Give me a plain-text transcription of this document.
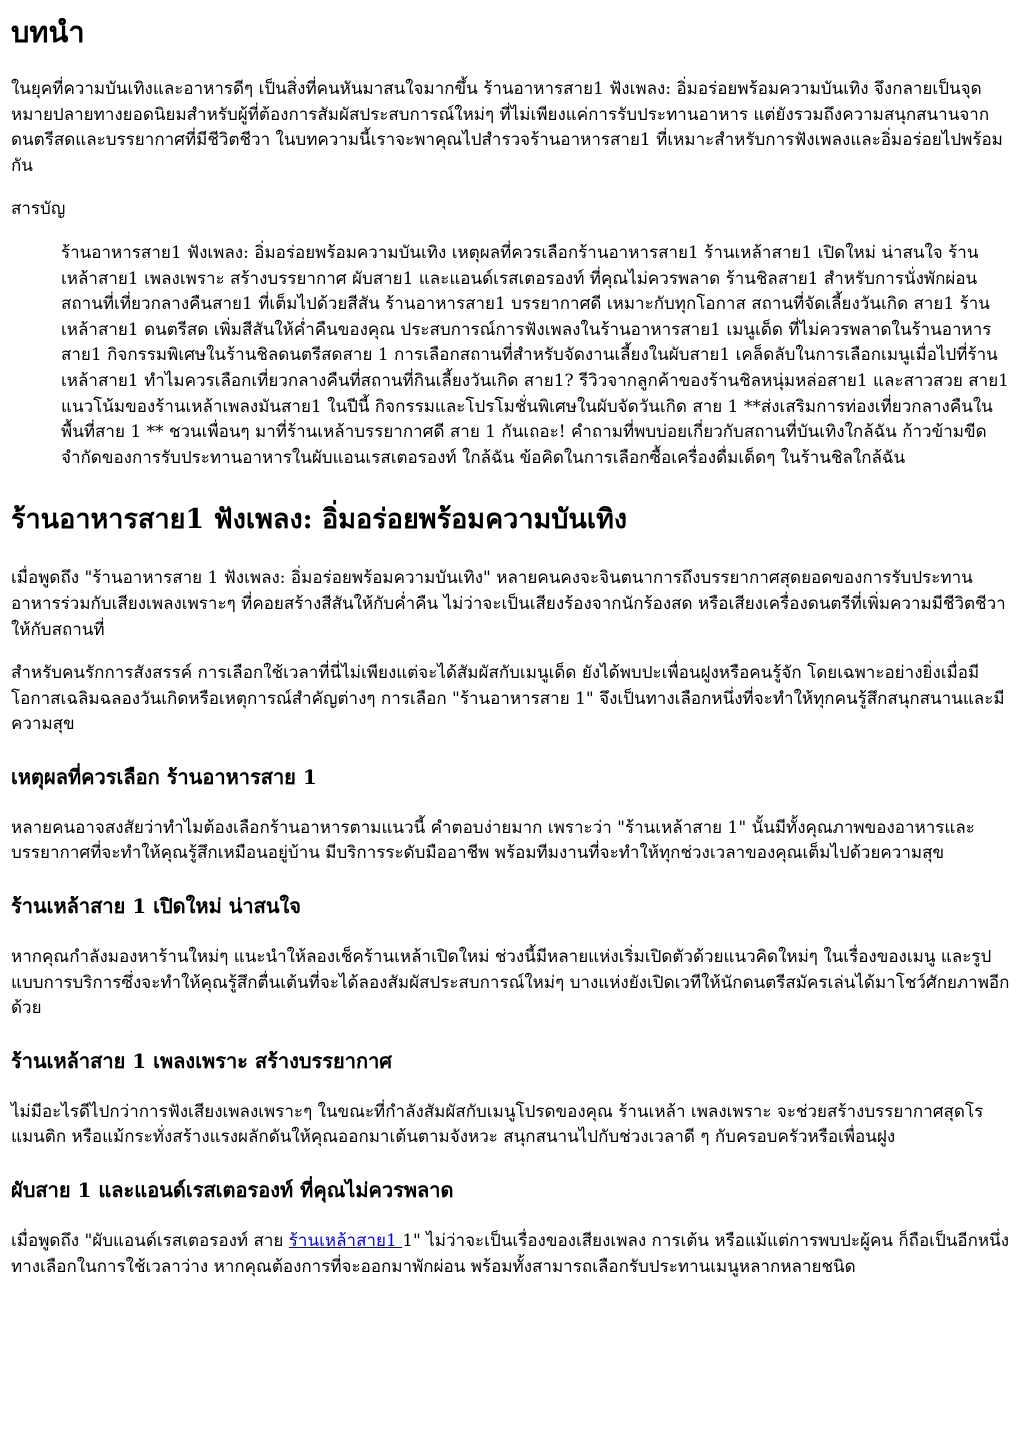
บทนำ

ในยุคที่ความบันเทิงและอาหารดีๆ เป็นสิ่งที่คนหันมาสนใจมากขึ้น ร้านอาหารสาย1 ฟังเพลง: อิ่มอร่อยพร้อมความบันเทิง จึงกลายเป็นจุดหมายปลายทางยอดนิยมสำหรับผู้ที่ต้องการสัมผัสประสบการณ์ใหม่ๆ ที่ไม่เพียงแค่การรับประทานอาหาร แต่ยังรวมถึงความสนุกสนานจากดนตรีสดและบรรยากาศที่มีชีวิตชีวา ในบทความนี้เราจะพาคุณไปสำรวจร้านอาหารสาย1 ที่เหมาะสำหรับการฟังเพลงและอิ่มอร่อยไปพร้อมกัน

สารบัญ

ร้านอาหารสาย1 ฟังเพลง: อิ่มอร่อยพร้อมความบันเทิง เหตุผลที่ควรเลือกร้านอาหารสาย1 ร้านเหล้าสาย1 เปิดใหม่ น่าสนใจ ร้านเหล้าสาย1 เพลงเพราะ สร้างบรรยากาศ ผับสาย1 และแอนด์เรสเตอรองท์ ที่คุณไม่ควรพลาด ร้านชิลสาย1 สำหรับการนั่งพักผ่อน สถานที่เที่ยวกลางคืนสาย1 ที่เต็มไปด้วยสีสัน ร้านอาหารสาย1 บรรยากาศดี เหมาะกับทุกโอกาส สถานที่จัดเลี้ยงวันเกิด สาย1 ร้านเหล้าสาย1 ดนตรีสด เพิ่มสีสันให้ค่ำคืนของคุณ ประสบการณ์การฟังเพลงในร้านอาหารสาย1 เมนูเด็ด ที่ไม่ควรพลาดในร้านอาหารสาย1 กิจกรรมพิเศษในร้านชิลดนตรีสดสาย 1 การเลือกสถานที่สำหรับจัดงานเลี้ยงในผับสาย1 เคล็ดลับในการเลือกเมนูเมื่อไปที่ร้านเหล้าสาย1 ทำไมควรเลือกเที่ยวกลางคืนที่สถานที่กินเลี้ยงวันเกิด สาย1? รีวิวจากลูกค้าของร้านชิลหนุ่มหล่อสาย1 และสาวสวย สาย1 แนวโน้มของร้านเหล้าเพลงมันสาย1 ในปีนี้ กิจกรรมและโปรโมชั่นพิเศษในผับจัดวันเกิด สาย 1 **ส่งเสริมการท่องเที่ยวกลางคืนในพื้นที่สาย 1 ** ชวนเพื่อนๆ มาที่ร้านเหล้าบรรยากาศดี สาย 1 กันเถอะ! คำถามที่พบบ่อยเกี่ยวกับสถานที่บันเทิงใกล้ฉัน ก้าวข้ามขีดจำกัดของการรับประทานอาหารในผับแอนเรสเตอรองท์ ใกล้ฉัน ข้อคิดในการเลือกซื้อเครื่องดื่มเด็ดๆ ในร้านชิลใกล้ฉัน
ร้านอาหารสาย1 ฟังเพลง: อิ่มอร่อยพร้อมความบันเทิง

เมื่อพูดถึง "ร้านอาหารสาย 1 ฟังเพลง: อิ่มอร่อยพร้อมความบันเทิง" หลายคนคงจะจินตนาการถึงบรรยากาศสุดยอดของการรับประทานอาหารร่วมกับเสียงเพลงเพราะๆ ที่คอยสร้างสีสันให้กับค่ำคืน ไม่ว่าจะเป็นเสียงร้องจากนักร้องสด หรือเสียงเครื่องดนตรีที่เพิ่มความมีชีวิตชีวาให้กับสถานที่

สำหรับคนรักการสังสรรค์ การเลือกใช้เวลาที่นี่ไม่เพียงแต่จะได้สัมผัสกับเมนูเด็ด ยังได้พบปะเพื่อนฝูงหรือคนรู้จัก โดยเฉพาะอย่างยิ่งเมื่อมีโอกาสเฉลิมฉลองวันเกิดหรือเหตุการณ์สำคัญต่างๆ การเลือก "ร้านอาหารสาย 1" จึงเป็นทางเลือกหนึ่งที่จะทำให้ทุกคนรู้สึกสนุกสนานและมีความสุข

เหตุผลที่ควรเลือก ร้านอาหารสาย 1

หลายคนอาจสงสัยว่าทำไมต้องเลือกร้านอาหารตามแนวนี้ คำตอบง่ายมาก เพราะว่า "ร้านเหล้าสาย 1" นั้นมีทั้งคุณภาพของอาหารและบรรยากาศที่จะทำให้คุณรู้สึกเหมือนอยู่บ้าน มีบริการระดับมืออาชีพ พร้อมทีมงานที่จะทำให้ทุกช่วงเวลาของคุณเต็มไปด้วยความสุข

ร้านเหล้าสาย 1 เปิดใหม่ น่าสนใจ

หากคุณกำลังมองหาร้านใหม่ๆ แนะนำให้ลองเช็คร้านเหล้าเปิดใหม่ ช่วงนี้มีหลายแห่งเริ่มเปิดตัวด้วยแนวคิดใหม่ๆ ในเรื่องของเมนู และรูปแบบการบริการซึ่งจะทำให้คุณรู้สึกตื่นเต้นที่จะได้ลองสัมผัสประสบการณ์ใหม่ๆ บางแห่งยังเปิดเวทีให้นักดนตรีสมัครเล่นได้มาโชว์ศักยภาพอีกด้วย

ร้านเหล้าสาย 1 เพลงเพราะ สร้างบรรยากาศ

ไม่มีอะไรดีไปกว่าการฟังเสียงเพลงเพราะๆ ในขณะที่กำลังสัมผัสกับเมนูโปรดของคุณ ร้านเหล้า เพลงเพราะ จะช่วยสร้างบรรยากาศสุดโรแมนติก หรือแม้กระทั่งสร้างแรงผลักดันให้คุณออกมาเต้นตามจังหวะ สนุกสนานไปกับช่วงเวลาดี ๆ กับครอบครัวหรือเพื่อนฝูง

ผับสาย 1 และแอนด์เรสเตอรองท์ ที่คุณไม่ควรพลาด

เมื่อพูดถึง "ผับแอนด์เรสเตอรองท์ สาย ร้านเหล้าสาย1 1" ไม่ว่าจะเป็นเรื่องของเสียงเพลง การเต้น หรือแม้แต่การพบปะผู้คน ก็ถือเป็นอีกหนึ่งทางเลือกในการใช้เวลาว่าง หากคุณต้องการที่จะออกมาพักผ่อน พร้อมทั้งสามารถเลือกรับประทานเมนูหลากหลายชนิด
